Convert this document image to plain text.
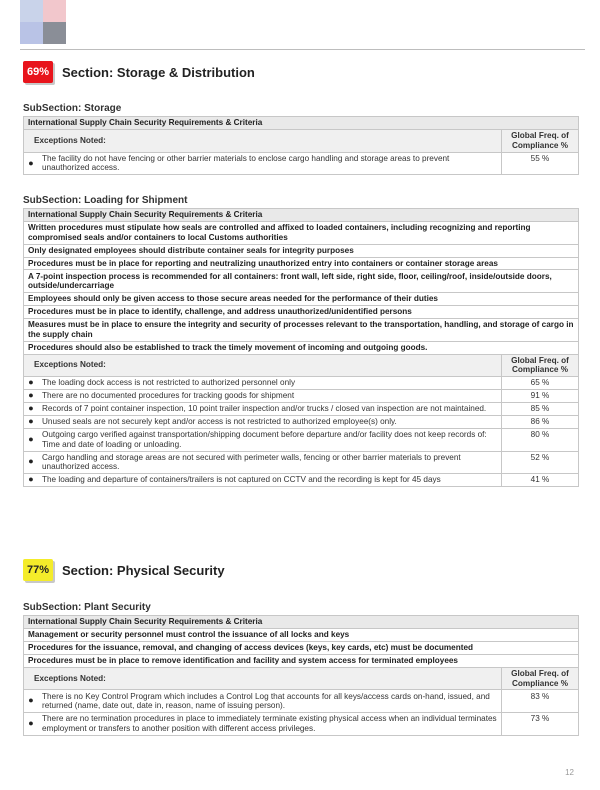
69% Section: Storage & Distribution
SubSection: Storage
International Supply Chain Security Requirements & Criteria		
Exceptions Noted:		Global Freq. of Compliance %
●	The facility do not have fencing or other barrier materials to enclose cargo handling and storage areas to prevent unauthorized access.	55 %
SubSection: Loading for Shipment
International Supply Chain Security Requirements & Criteria		
Written procedures must stipulate how seals are controlled and affixed to loaded containers, including recognizing and reporting compromised seals and/or containers to local Customs authorities		
Only designated employees should distribute container seals for integrity purposes		
Procedures must be in place for reporting and neutralizing unauthorized entry into containers or container storage areas		
A 7-point inspection process is recommended for all containers: front wall, left side, right side, floor, ceiling/roof, inside/outside doors, outside/undercarriage		
Employees should only be given access to those secure areas needed for the performance of their duties		
Procedures must be in place to identify, challenge, and address unauthorized/unidentified persons		
Measures must be in place to ensure the integrity and security of processes relevant to the transportation, handling, and storage of cargo in the supply chain		
Procedures should also be established to track the timely movement of incoming and outgoing goods.		
Exceptions Noted:		Global Freq. of Compliance %
●	The loading dock access is not restricted to authorized personnel only	65 %
●	There are no documented procedures for tracking goods for shipment	91 %
●	Records of 7 point container inspection, 10 point trailer inspection and/or trucks / closed van inspection are not maintained.	85 %
●	Unused seals are not securely kept and/or access is not restricted to authorized employee(s) only.	86 %
●	Outgoing cargo verified against transportation/shipping document before departure and/or facility does not keep records of: Time and date of loading or unloading.	80 %
●	Cargo handling and storage areas are not secured with perimeter walls, fencing or other barrier materials to prevent unauthorized access.	52 %
●	The loading and departure of containers/trailers is not captured on CCTV and the recording is kept for 45 days	41 %
77% Section: Physical Security
SubSection: Plant Security
International Supply Chain Security Requirements & Criteria		
Management or security personnel must control the issuance of all locks and keys		
Procedures for the issuance, removal, and changing of access devices (keys, key cards, etc) must be documented		
Procedures must be in place to remove identification and facility and system access for terminated employees		
Exceptions Noted:		Global Freq. of Compliance %
●	There is no Key Control Program which includes a Control Log that accounts for all keys/access cards on-hand, issued, and returned (name, date out, date in, reason, name of issuing person).	83 %
●	There are no termination procedures in place to immediately terminate existing physical access when an individual terminates employment or transfers to another position with different access privileges.	73 %
12
